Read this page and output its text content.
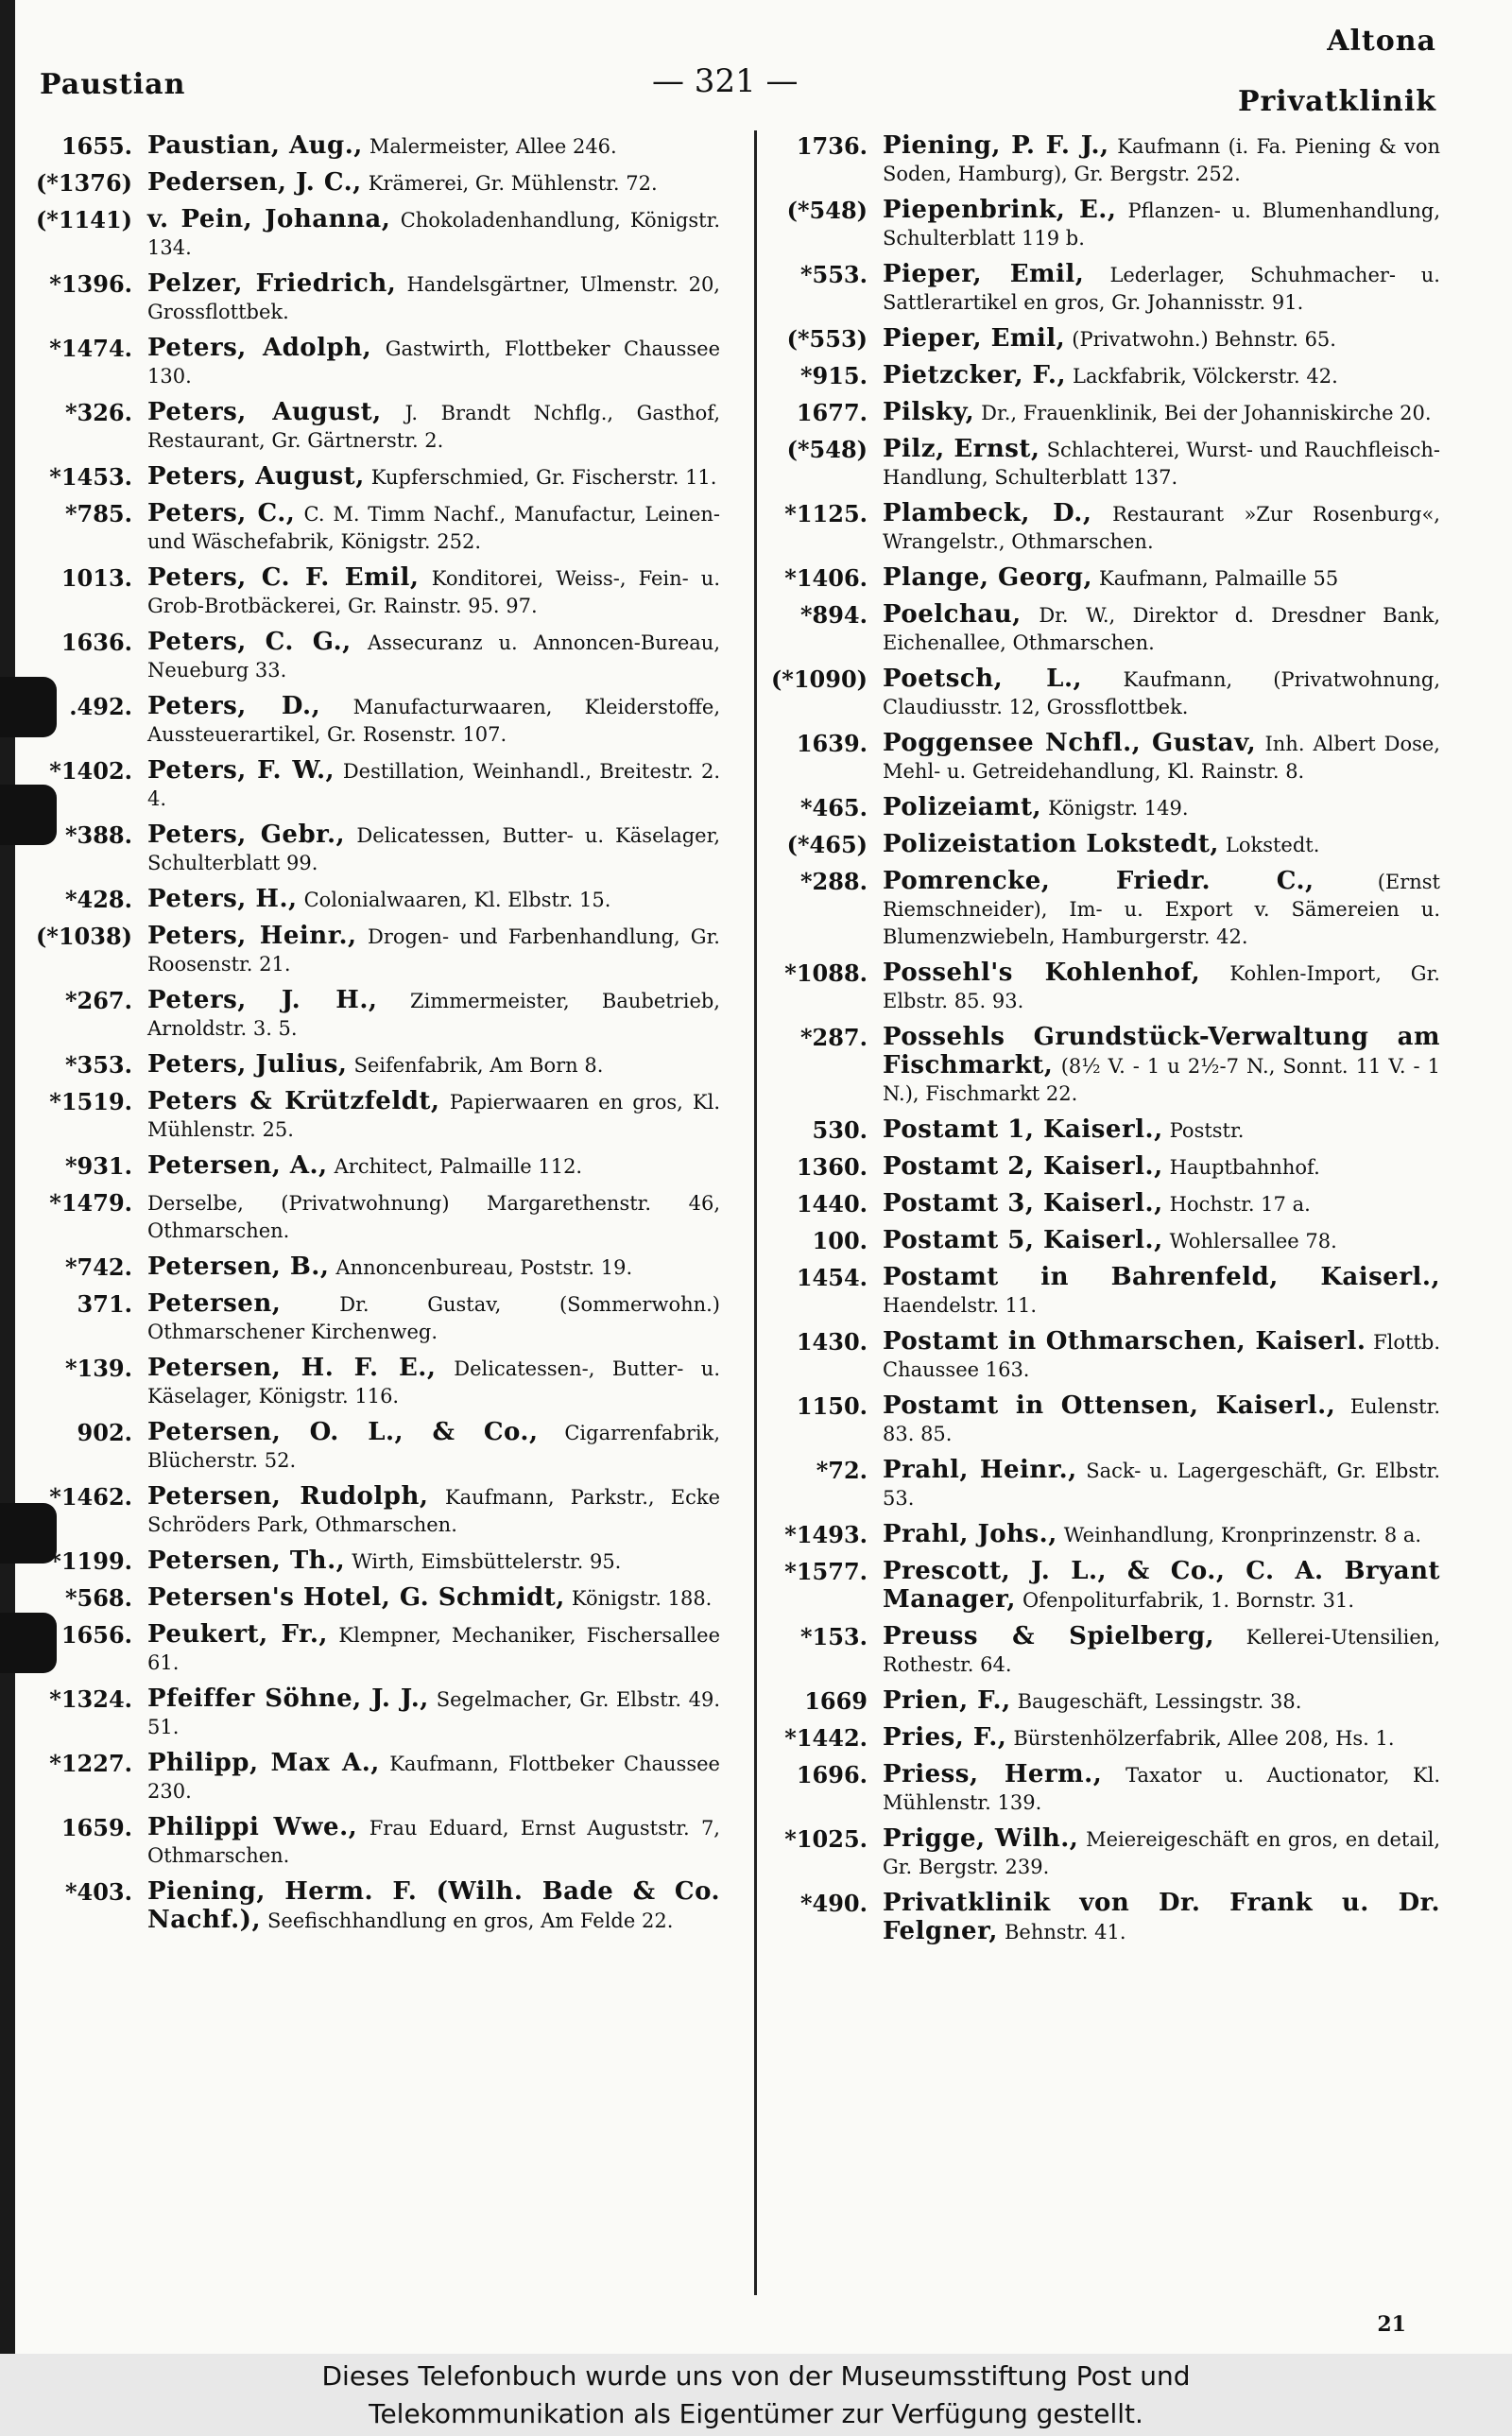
Paustian	— 321 —
Altona
Privatklinik
1655. Paustian, Aug., Malermeister, Allee 246.
(*1376) Pedersen, J. C., Krämerei, Gr. Mühlenstr. 72.
(*1141) v. Pein, Johanna, Chokoladenhandlung, Königstr. 134.
*1396. Pelzer, Friedrich, Handelsgärtner, Ulmenstr. 20, Grossflottbek.
*1474. Peters, Adolph, Gastwirth, Flottbeker Chaussee 130.
*326. Peters, August, J. Brandt Nchflg., Gasthof, Restaurant, Gr. Gärtnerstr. 2.
*1453. Peters, August, Kupferschmied, Gr. Fischerstr. 11.
*785. Peters, C., C. M. Timm Nachf., Manufactur, Leinen- und Wäschefabrik, Königstr. 252.
1013. Peters, C. F. Emil, Konditorei, Weiss-, Fein- u. Grob-Brotbäckerei, Gr. Rainstr. 95. 97.
1636. Peters, C. G., Assecuranz u. Annoncen-Bureau, Neueburg 33.
.492. Peters, D., Manufacturwaaren, Kleiderstoffe, Aussteuerartikel, Gr. Rosenstr. 107.
*1402. Peters, F. W., Destillation, Weinhandl., Breitestr. 2. 4.
*388. Peters, Gebr., Delicatessen, Butter- u. Käselager, Schulterblatt 99.
*428. Peters, H., Colonialwaaren, Kl. Elbstr. 15.
(*1038) Peters, Heinr., Drogen- und Farbenhandlung, Gr. Roosenstr. 21.
*267. Peters, J. H., Zimmermeister, Baubetrieb, Arnoldstr. 3. 5.
*353. Peters, Julius, Seifenfabrik, Am Born 8.
*1519. Peters & Krützfeldt, Papierwaaren en gros, Kl. Mühlenstr. 25.
*931. Petersen, A., Architect, Palmaille 112.
*1479. Derselbe, (Privatwohnung) Margarethenstr. 46, Othmarschen.
*742. Petersen, B., Annoncenbureau, Poststr. 19.
371. Petersen,	Dr. Gustav, (Sommerwohn.) Othmarschener Kirchenweg.
*139. Petersen, H. F. E., Delicatessen-, Butter- u. Käselager, Königstr. 116.
902. Petersen, O. L., & Co., Cigarrenfabrik, Blücherstr. 52.
*1462. Petersen, Rudolph, Kaufmann, Parkstr., Ecke Schröders Park, Othmarschen.
*1199. Petersen, Th., Wirth, Eimsbüttelerstr. 95.
*568. Petersen's Hotel, G. Schmidt, Königstr. 188.
1656. Peukert, Fr., Klempner, Mechaniker, Fischersallee 61.
*1324. Pfeiffer Söhne, J. J., Segelmacher, Gr. Elbstr. 49. 51.
*1227. Philipp, Max A., Kaufmann, Flottbeker Chaussee 230.
1659. Philippi Wwe., Frau Eduard, Ernst Auguststr. 7, Othmarschen.
*403. Piening, Herm. F. (Wilh. Bade & Co. Nachf.), Seefischhandlung en gros, Am Felde 22.
1736. Piening, P. F. J., Kaufmann (i. Fa. Piening & von Soden, Hamburg), Gr. Bergstr. 252.
(*548) Piepenbrink, E., Pflanzen- u. Blumenhandlung, Schulterblatt 119 b.
*553. Pieper, Emil, Lederlager, Schuhmacher- u. Sattlerartikel en gros, Gr. Johannisstr. 91.
(*553) Pieper, Emil, (Privatwohn.) Behnstr. 65.
*915. Pietzcker, F., Lackfabrik, Völckerstr. 42.
1677. Pilsky, Dr., Frauenklinik, Bei der Johanniskirche 20.
(*548) Pilz, Ernst, Schlachterei, Wurst- und Rauchfleisch-Handlung, Schulterblatt 137.
*1125. Plambeck, D., Restaurant »Zur Rosenburg«, Wrangelstr., Othmarschen.
*1406. Plange, Georg, Kaufmann, Palmaille 55
*894. Poelchau, Dr. W., Direktor d. Dresdner Bank, Eichenallee, Othmarschen.
(*1090) Poetsch, L., Kaufmann, (Privatwohnung, Claudiusstr. 12, Grossflottbek.
1639. Poggensee Nchfl., Gustav, Inh. Albert Dose, Mehl- u. Getreidehandlung, Kl. Rainstr. 8.
*465. Polizeiamt, Königstr. 149.
(*465) Polizeistation Lokstedt, Lokstedt.
*288. Pomrencke, Friedr. C.,	(Ernst Riemschneider), Im- u. Export v. Sämereien u. Blumenzwiebeln, Hamburgerstr. 42.
*1088. Possehl's Kohlenhof, Kohlen-Import, Gr. Elbstr. 85. 93.
*287. Possehls Grundstück-Verwaltung am Fischmarkt, (8½ V. - 1 u 2½-7 N., Sonnt. 11 V. - 1 N.), Fischmarkt 22.
530. Postamt 1, Kaiserl., Poststr.
1360. Postamt 2, Kaiserl., Hauptbahnhof.
1440. Postamt 3, Kaiserl., Hochstr. 17 a.
100. Postamt 5, Kaiserl., Wohlersallee 78.
1454. Postamt in Bahrenfeld, Kaiserl., Haendelstr. 11.
1430. Postamt in Othmarschen, Kaiserl. Flottb. Chaussee 163.
1150. Postamt in Ottensen, Kaiserl., Eulenstr. 83. 85.
*72. Prahl, Heinr., Sack- u. Lagergeschäft, Gr. Elbstr. 53.
*1493. Prahl, Johs., Weinhandlung, Kronprinzenstr. 8 a.
*1577. Prescott, J. L., & Co., C. A. Bryant Manager, Ofenpoliturfabrik, 1. Bornstr. 31.
*153. Preuss & Spielberg, Kellerei-Utensilien, Rothestr. 64.
1669 Prien, F., Baugeschäft, Lessingstr. 38.
*1442. Pries, F., Bürstenhölzerfabrik, Allee 208, Hs. 1.
1696. Priess, Herm., Taxator u. Auctionator, Kl. Mühlenstr. 139.
*1025. Prigge, Wilh., Meiereigeschäft en gros, en detail, Gr. Bergstr. 239.
*490. Privatklinik von Dr. Frank u. Dr. Felgner, Behnstr. 41.
21
Dieses Telefonbuch wurde uns von der Museumsstiftung Post und
Telekommunikation als Eigentümer zur Verfügung gestellt.
